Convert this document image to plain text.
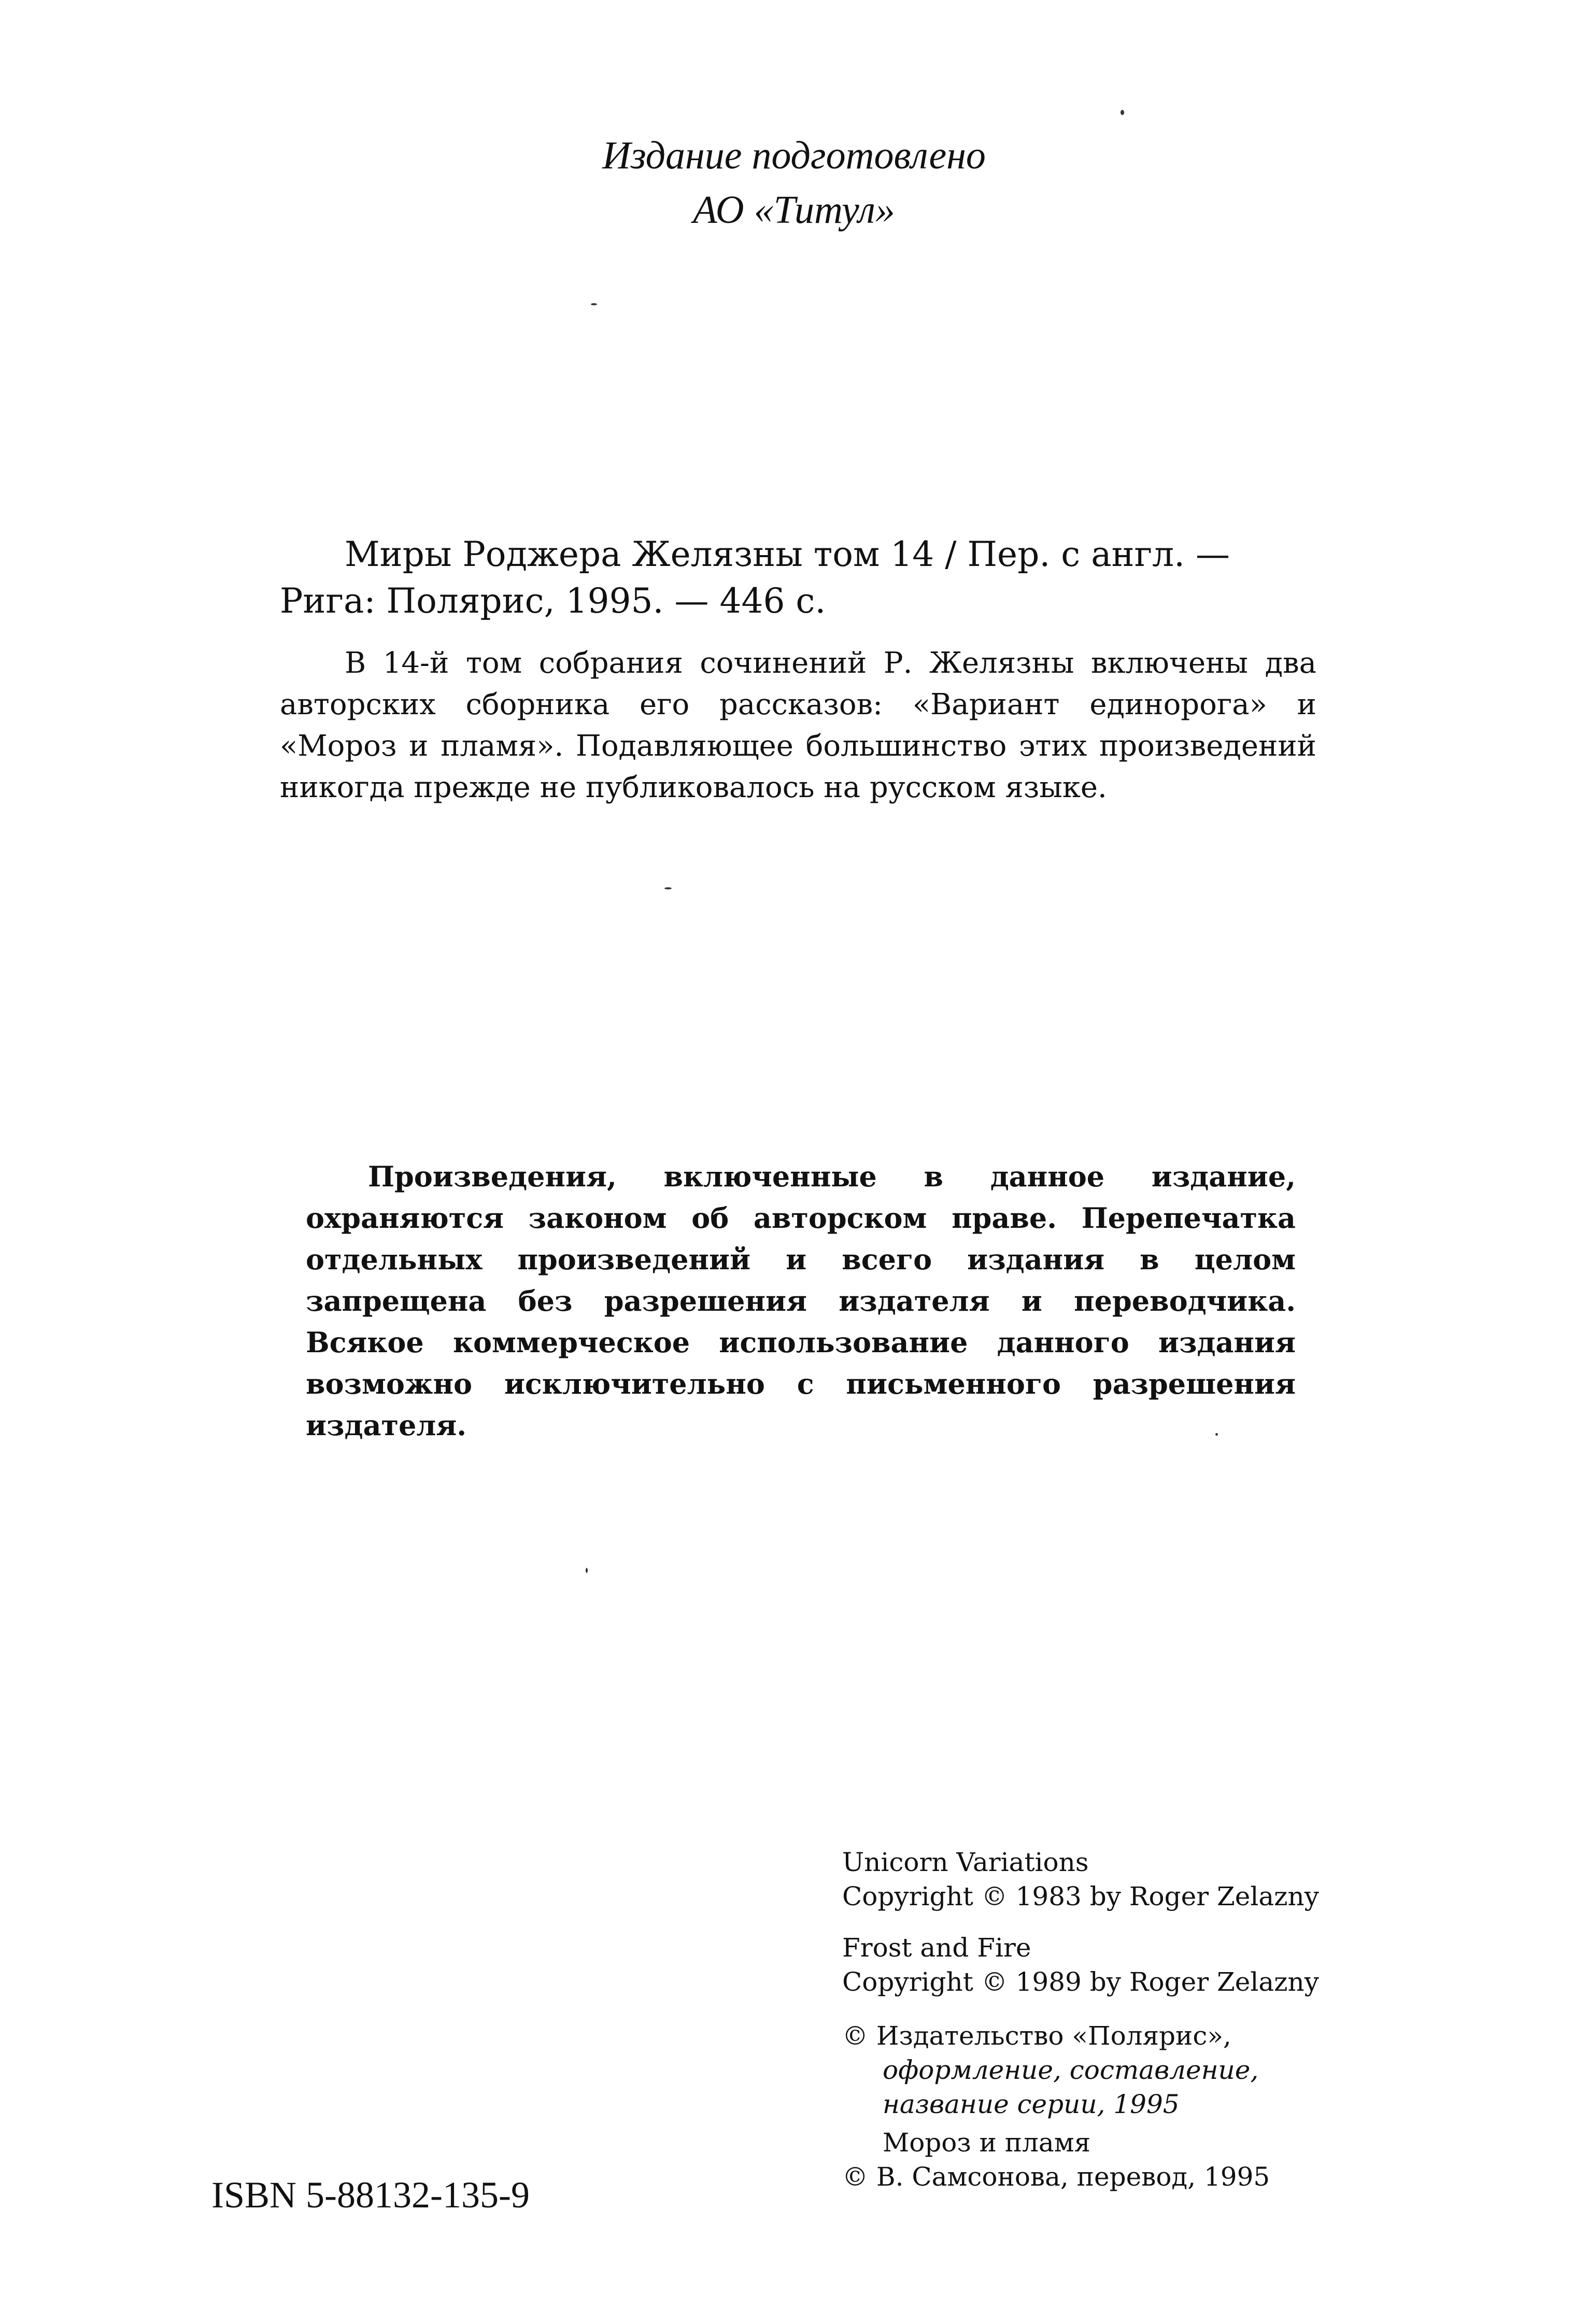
Издание подготовлено
АО «Титул»
Миры Роджера Желязны том 14 / Пер. с англ. —
Рига: Полярис, 1995. — 446 с.

В 14-й том собрания сочинений Р. Желязны включены два авторских сборника его рассказов: «Вариант единорога» и «Мороз и пламя». Подавляющее большинство этих произведений никогда прежде не публиковалось на русском языке.

Произведения, включенные в данное издание, охраняются законом об авторском праве. Перепечатка отдельных произведений и всего издания в целом запрещена без разрешения издателя и переводчика. Всякое коммерческое использование данного издания возможно исключительно с письменного разрешения издателя.

Unicorn Variations
Copyright © 1983 by Roger Zelazny
Frost and Fire
Copyright © 1989 by Roger Zelazny
© Издательство «Полярис»,
оформление, составление,
название серии, 1995
Мороз и пламя
© В. Самсонова, перевод, 1995
ISBN 5-88132-135-9
